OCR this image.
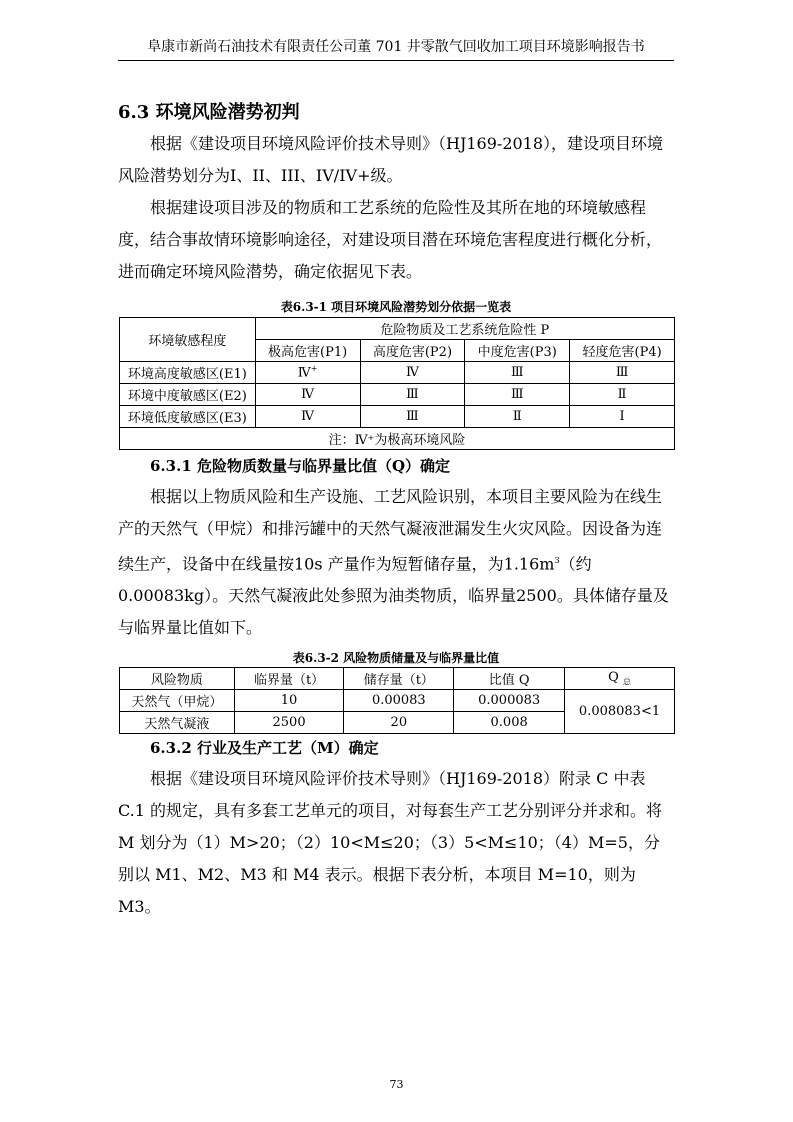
阜康市新尚石油技术有限责任公司董 701 井零散气回收加工项目环境影响报告书
6.3 环境风险潜势初判

根据《建设项目环境风险评价技术导则》（HJ169-2018），建设项目环境风险潜势划分为I、II、III、IV/IV+级。

根据建设项目涉及的物质和工艺系统的危险性及其所在地的环境敏感程 度，结合事故情环境影响途径，对建设项目潜在环境危害程度进行概化分析， 进而确定环境风险潜势，确定依据见下表。

表6.3-1 项目环境风险潜势划分依据一览表
环境敏感程度	危险物质及工艺系统危险性 P			
	极高危害(P1)	高度危害(P2)	中度危害(P3)	轻度危害(P4)
环境高度敏感区(E1)	Ⅳ+	Ⅳ	Ⅲ	Ⅲ
环境中度敏感区(E2)	Ⅳ	Ⅲ	Ⅲ	Ⅱ
环境低度敏感区(E3)	Ⅳ	Ⅲ	Ⅱ	Ⅰ
注：Ⅳ⁺为极高环境风险				
6.3.1 危险物质数量与临界量比值（Q）确定

根据以上物质风险和生产设施、工艺风险识别，本项目主要风险为在线生产的天然气（甲烷）和排污罐中的天然气凝液泄漏发生火灾风险。因设备为连续生产，设备中在线量按10s 产量作为短暂储存量，为$1.16m^3$（约0.00083kg）。天然气凝液此处参照为油类物质，临界量2500。具体储存量及与临界量比值如下。

表6.3-2 风险物质储量及与临界量比值
风险物质	临界量（t）	储存量（t）	比值 Q	Q $_总$
天然气（甲烷）	10	0.00083	0.000083	0.008083<1
天然气凝液	2500	20	0.008	
6.3.2 行业及生产工艺（M）确定

根据《建设项目环境风险评价技术导则》（HJ169-2018）附录 C 中表 C.1 的规定，具有多套工艺单元的项目，对每套生产工艺分别评分并求和。将 M 划分为（1）M>20；（2）10<M≤20；（3）5<M≤10；（4）M=5，分别以 M1、M2、M3 和 M4 表示。根据下表分析，本项目 M=10，则为 M3。

73
